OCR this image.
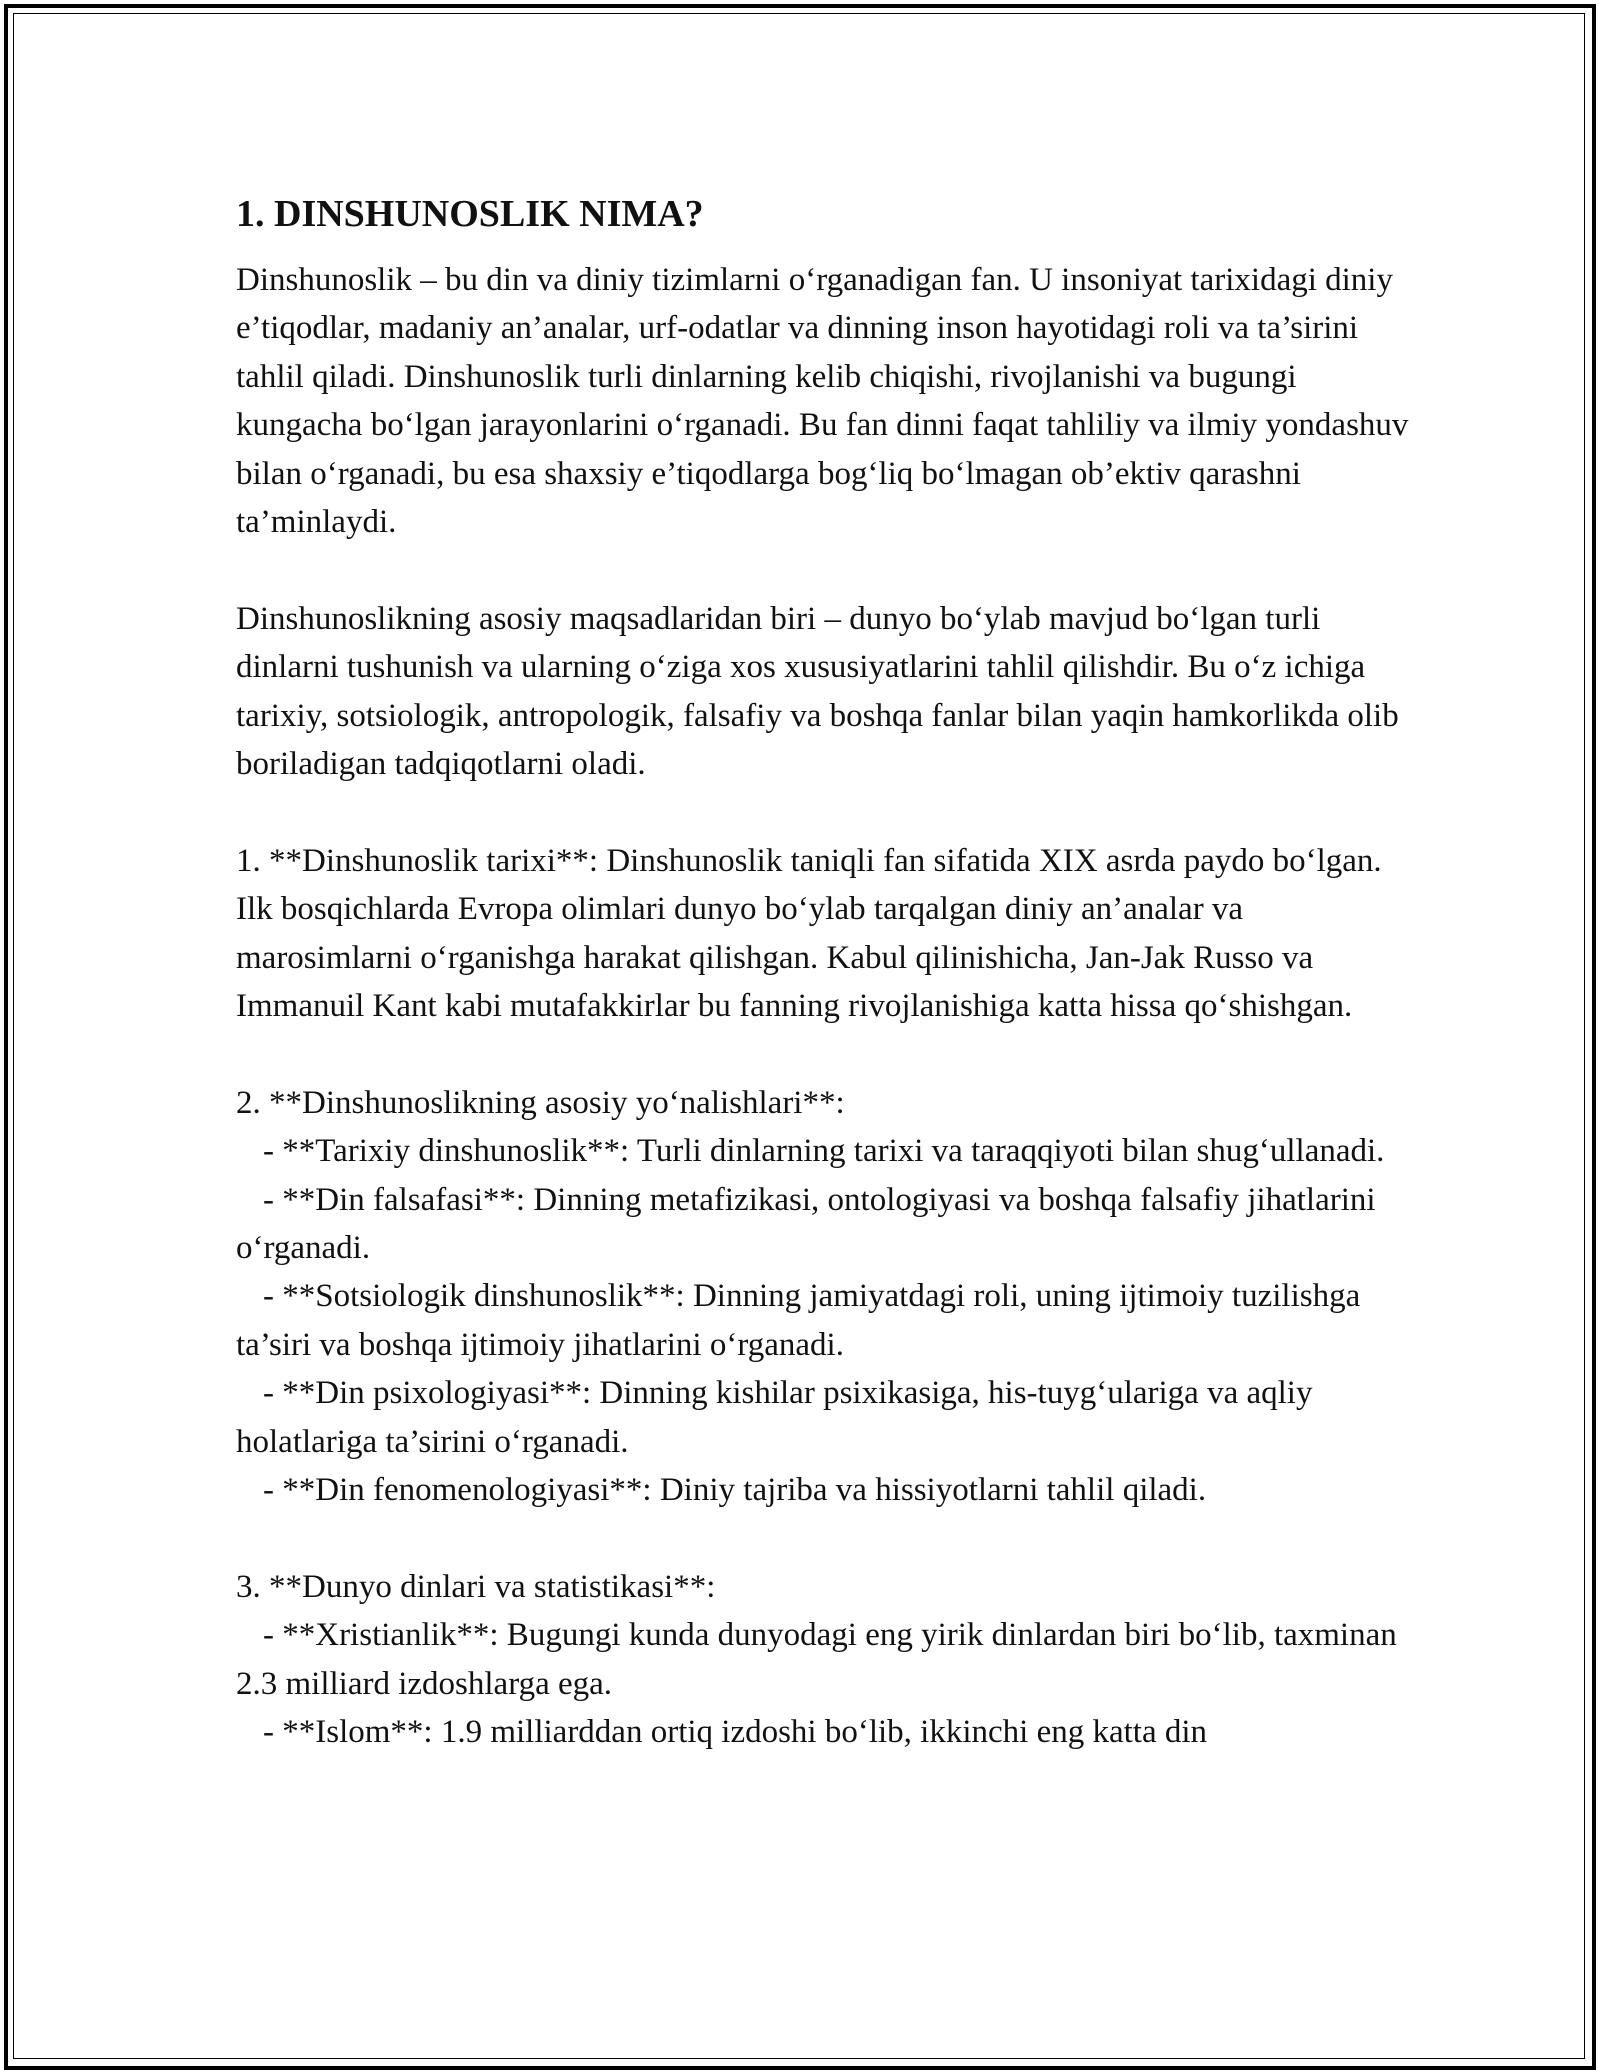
1. DINSHUNOSLIK NIMA?
Dinshunoslik – bu din va diniy tizimlarni o‘rganadigan fan. U insoniyat tarixidagi diniy e’tiqodlar, madaniy an’analar, urf-odatlar va dinning inson hayotidagi roli va ta’sirini tahlil qiladi. Dinshunoslik turli dinlarning kelib chiqishi, rivojlanishi va bugungi kungacha bo‘lgan jarayonlarini o‘rganadi. Bu fan dinni faqat tahliliy va ilmiy yondashuv bilan o‘rganadi, bu esa shaxsiy e’tiqodlarga bog‘liq bo‘lmagan ob’ektiv qarashni ta’minlaydi.
Dinshunoslikning asosiy maqsadlaridan biri – dunyo bo‘ylab mavjud bo‘lgan turli dinlarni tushunish va ularning o‘ziga xos xususiyatlarini tahlil qilishdir. Bu o‘z ichiga tarixiy, sotsiologik, antropologik, falsafiy va boshqa fanlar bilan yaqin hamkorlikda olib boriladigan tadqiqotlarni oladi.
1. **Dinshunoslik tarixi**: Dinshunoslik taniqli fan sifatida XIX asrda paydo bo‘lgan. Ilk bosqichlarda Evropa olimlari dunyo bo‘ylab tarqalgan diniy an’analar va marosimlarni o‘rganishga harakat qilishgan. Kabul qilinishicha, Jan-Jak Russo va Immanuil Kant kabi mutafakkirlar bu fanning rivojlanishiga katta hissa qo‘shishgan.
2. **Dinshunoslikning asosiy yo‘nalishlari**:
- **Tarixiy dinshunoslik**: Turli dinlarning tarixi va taraqqiyoti bilan shug‘ullanadi.
- **Din falsafasi**: Dinning metafizikasi, ontologiyasi va boshqa falsafiy jihatlarini o‘rganadi.
- **Sotsiologik dinshunoslik**: Dinning jamiyatdagi roli, uning ijtimoiy tuzilishga ta’siri va boshqa ijtimoiy jihatlarini o‘rganadi.
- **Din psixologiyasi**: Dinning kishilar psixikasiga, his-tuyg‘ulariga va aqliy holatlariga ta’sirini o‘rganadi.
- **Din fenomenologiyasi**: Diniy tajriba va hissiyotlarni tahlil qiladi.
3. **Dunyo dinlari va statistikasi**:
- **Xristianlik**: Bugungi kunda dunyodagi eng yirik dinlardan biri bo‘lib, taxminan 2.3 milliard izdoshlarga ega.
- **Islom**: 1.9 milliarddan ortiq izdoshi bo‘lib, ikkinchi eng katta din
